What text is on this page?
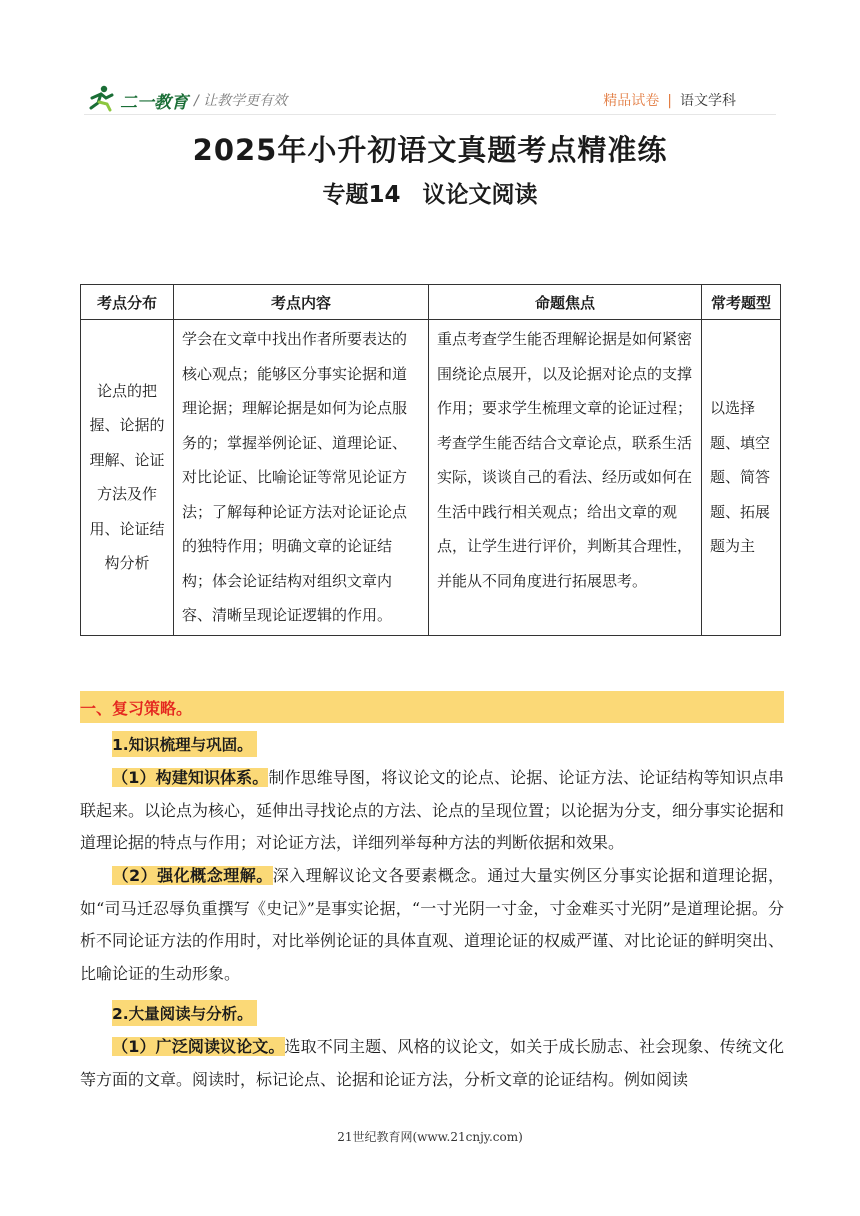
二一教育 / 让教学更有效	精品试卷 | 语文学科
2025年小升初语文真题考点精准练
专题14 议论文阅读
考点分布	考点内容	命题焦点	常考题型
论点的把握、论据的理解、论证方法及作用、论证结构分析	学会在文章中找出作者所要表达的核心观点；能够区分事实论据和道理论据；理解论据是如何为论点服务的；掌握举例论证、道理论证、对比论证、比喻论证等常见论证方法；了解每种论证方法对论证论点的独特作用；明确文章的论证结构；体会论证结构对组织文章内容、清晰呈现论证逻辑的作用。	重点考查学生能否理解论据是如何紧密围绕论点展开，以及论据对论点的支撑作用；要求学生梳理文章的论证过程；考查学生能否结合文章论点，联系生活实际，谈谈自己的看法、经历或如何在生活中践行相关观点；给出文章的观点，让学生进行评价，判断其合理性，并能从不同角度进行拓展思考。	以选择题、填空题、简答题、拓展题为主
一、复习策略。
1.知识梳理与巩固。
（1）构建知识体系。制作思维导图，将议论文的论点、论据、论证方法、论证结构等知识点串联起来。以论点为核心，延伸出寻找论点的方法、论点的呈现位置；以论据为分支，细分事实论据和道理论据的特点与作用；对论证方法，详细列举每种方法的判断依据和效果。
（2）强化概念理解。深入理解议论文各要素概念。通过大量实例区分事实论据和道理论据，如“司马迁忍辱负重撰写《史记》”是事实论据，“一寸光阴一寸金，寸金难买寸光阴”是道理论据。分析不同论证方法的作用时，对比举例论证的具体直观、道理论证的权威严谨、对比论证的鲜明突出、比喻论证的生动形象。
2.大量阅读与分析。
（1）广泛阅读议论文。选取不同主题、风格的议论文，如关于成长励志、社会现象、传统文化等方面的文章。阅读时，标记论点、论据和论证方法，分析文章的论证结构。例如阅读
21世纪教育网(www.21cnjy.com)
